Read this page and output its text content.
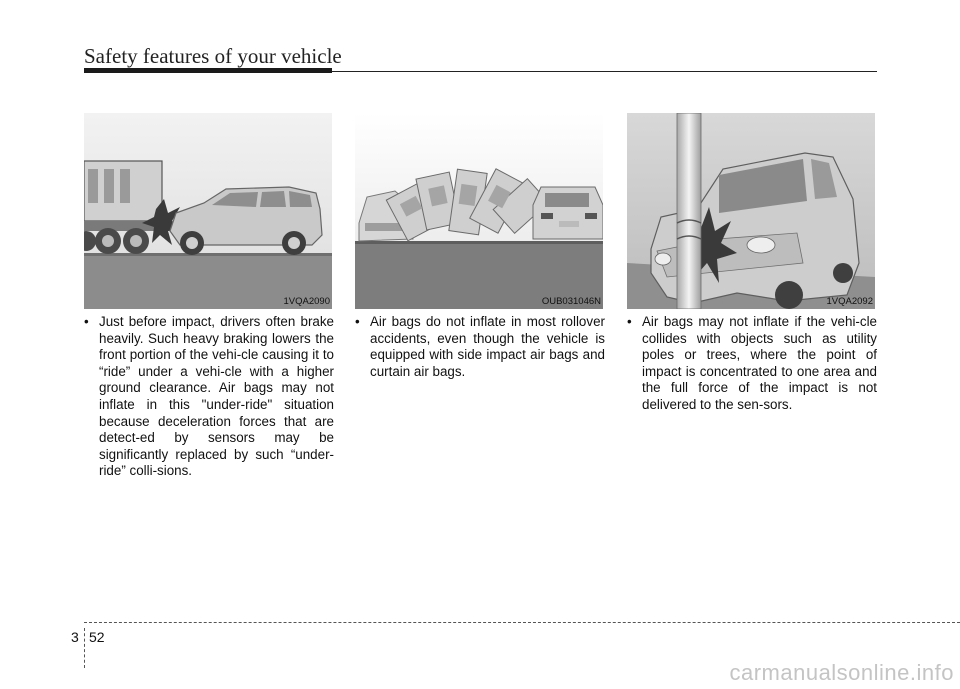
Safety features of your vehicle
1VQA2090	OUB031046N	1VQA2092
• Just before impact, drivers often brake heavily. Such heavy braking lowers the front portion of the vehi-cle causing it to “ride” under a vehi-cle with a higher ground clearance. Air bags may not inflate in this "under-ride" situation because deceleration forces that are detect-ed by sensors may be significantly replaced by such “under-ride” colli-sions.
• Air bags do not inflate in most rollover accidents, even though the vehicle is equipped with side impact air bags and curtain air bags.
• Air bags may not inflate if the vehi-cle collides with objects such as utility poles or trees, where the point of impact is concentrated to one area and the full force of the impact is not delivered to the sen-sors.
3 52
carmanualsonline.info
